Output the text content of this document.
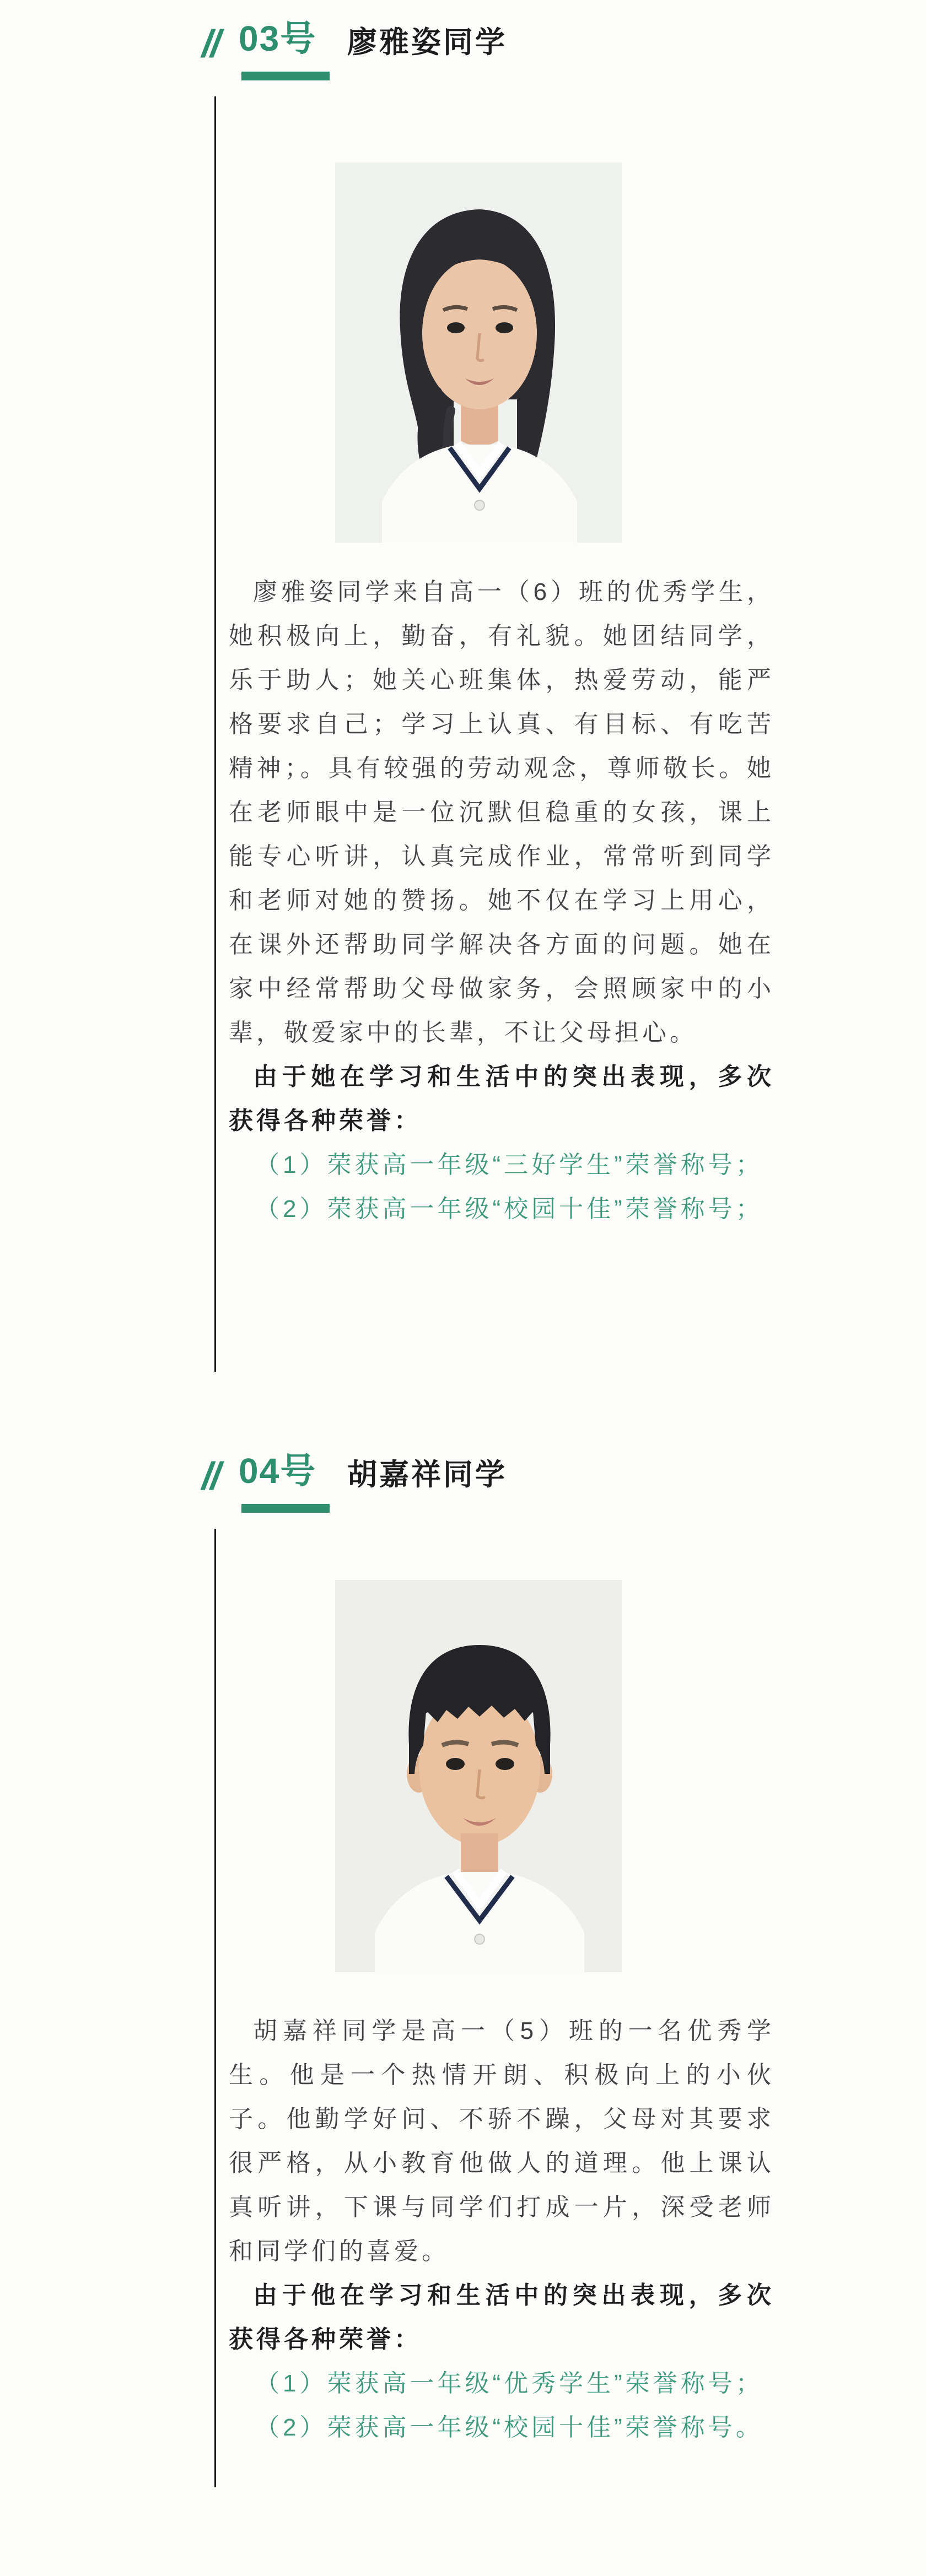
// 03号 廖雅姿同学

廖雅姿同学来自高一（6）班的优秀学生，她积极向上，勤奋，有礼貌。她团结同学，乐于助人；她关心班集体，热爱劳动，能严格要求自己；学习上认真、有目标、有吃苦精神；。具有较强的劳动观念，尊师敬长。她在老师眼中是一位沉默但稳重的女孩，课上能专心听讲，认真完成作业，常常听到同学和老师对她的赞扬。她不仅在学习上用心，在课外还帮助同学解决各方面的问题。她在家中经常帮助父母做家务，会照顾家中的小辈，敬爱家中的长辈，不让父母担心。

由于她在学习和生活中的突出表现，多次获得各种荣誉：

（1）荣获高一年级“三好学生”荣誉称号；

（2）荣获高一年级“校园十佳”荣誉称号；

// 04号 胡嘉祥同学

胡嘉祥同学是高一（5）班的一名优秀学生。他是一个热情开朗、积极向上的小伙子。他勤学好问、不骄不躁，父母对其要求很严格，从小教育他做人的道理。他上课认真听讲，下课与同学们打成一片，深受老师和同学们的喜爱。

由于他在学习和生活中的突出表现，多次获得各种荣誉：

（1）荣获高一年级“优秀学生”荣誉称号；

（2）荣获高一年级“校园十佳”荣誉称号。
